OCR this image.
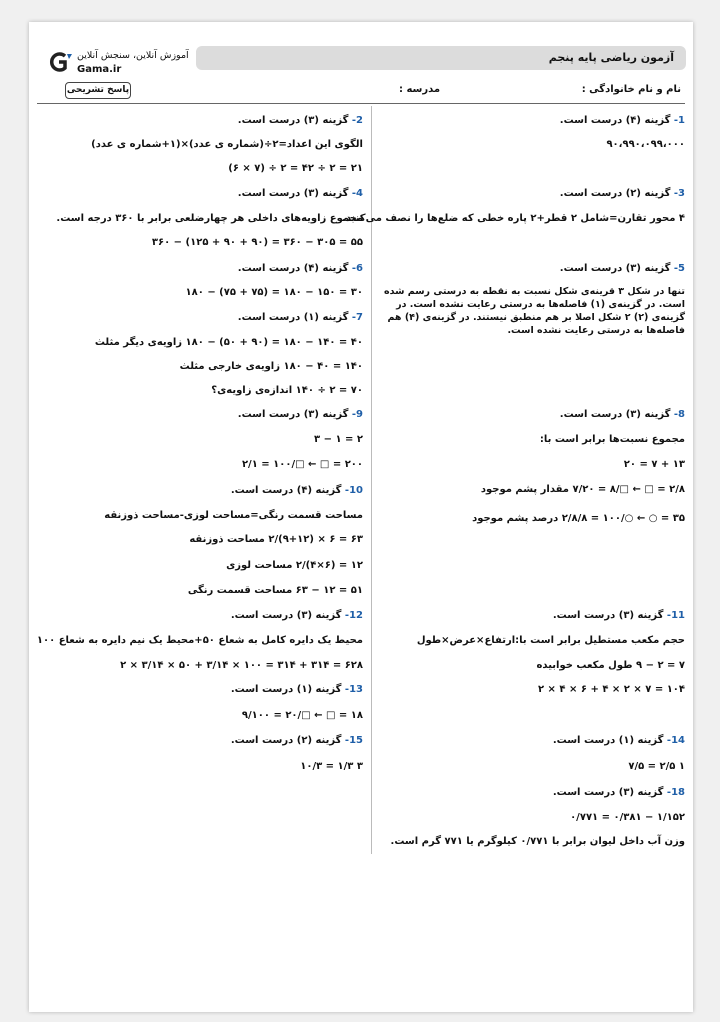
آزمون ریاضی پایه پنجم
آموزش آنلاین، سنجش آنلاین
Gama.ir
نام و نام خانوادگی :
مدرسه :
پاسخ تشریحی
1- گزینه (۴) درست است.
۹۰،۹۹۰،۰۹۹،۰۰۰
3- گزینه (۲) درست است.
۴ محور تقارن=شامل ۲ قطر+۲ پاره خطی که ضلع‌ها را نصف می‌کنند.
5- گزینه (۳) درست است.
تنها در شکل ۳ قرینه‌ی شکل نسبت به نقطه به درستی رسم شده است. در گزینه‌ی (۱) فاصله‌ها به درستی رعایت نشده است. در گزینه‌ی (۲) ۲ شکل اصلا بر هم منطبق نیستند. در گزینه‌ی (۴) هم فاصله‌ها به درستی رعایت نشده است.
8- گزینه (۳) درست است.
مجموع نسبت‌ها برابر است با:
۱۳ + ۷ = ۲۰
۲/۸ = □ ← □/۸ = ۷/۲۰ مقدار پشم موجود
۳۵ = ○ ← ○/۱۰۰ = ۲/۸/۸ درصد پشم موجود
11- گزینه (۳) درست است.
حجم مکعب مستطیل برابر است با:ارتفاع×عرض×طول
۷ = ۲ − ۹ طول مکعب خوابیده
۱۰۴ = ۷ × ۲ × ۴ + ۶ × ۴ × ۲
14- گزینه (۱) درست است.
۱ ۲/۵ = ۷/۵
18- گزینه (۳) درست است.
۱/۱۵۲ − ۰/۳۸۱ = ۰/۷۷۱
وزن آب داخل لیوان برابر با ۰/۷۷۱ کیلوگرم یا ۷۷۱ گرم است.
2- گزینه (۳) درست است.
الگوی این اعداد=۲÷(شماره ی عدد)×(۱+شماره ی عدد)
۲۱ = ۲ ÷ ۴۲ = ۲ ÷ (۷ × ۶)
4- گزینه (۳) درست است.
مجموع زاویه‌های داخلی هر چهارضلعی برابر با ۳۶۰ درجه است.
۵۵ = ۳۰۵ − ۳۶۰ = (۹۰ + ۹۰ + ۱۲۵) − ۳۶۰
6- گزینه (۴) درست است.
۳۰ = ۱۵۰ − ۱۸۰ = (۷۵ + ۷۵) − ۱۸۰
7- گزینه (۱) درست است.
۴۰ = ۱۴۰ − ۱۸۰ = (۹۰ + ۵۰) − ۱۸۰ زاویه‌ی دیگر مثلث
۱۴۰ = ۴۰ − ۱۸۰ زاویه‌ی خارجی مثلث
۷۰ = ۲ ÷ ۱۴۰ اندازه‌ی زاویه‌ی؟
9- گزینه (۳) درست است.
۲ = ۱ − ۳
۲۰۰ = □ ← □/۱۰۰ = ۲/۱
10- گزینه (۴) درست است.
مساحت قسمت رنگی=مساحت لوزی-مساحت ذوزنقه
۶۳ = ۶ × (۹+۱۲)/۲ مساحت ذوزنقه
۱۲ = (۶×۴)/۲ مساحت لوزی
۵۱ = ۱۲ − ۶۳ مساحت قسمت رنگی
12- گزینه (۳) درست است.
محیط یک دایره کامل به شعاع ۵۰+محیط یک نیم دایره به شعاع ۱۰۰
۶۲۸ = ۳۱۴ + ۳۱۴ = ۱۰۰ × ۳/۱۴ + ۵۰ × ۳/۱۴ × ۲
13- گزینه (۱) درست است.
۱۸ = □ ← □/۲۰ = ۹/۱۰۰
15- گزینه (۲) درست است.
۳ ۱/۳ = ۱۰/۳
